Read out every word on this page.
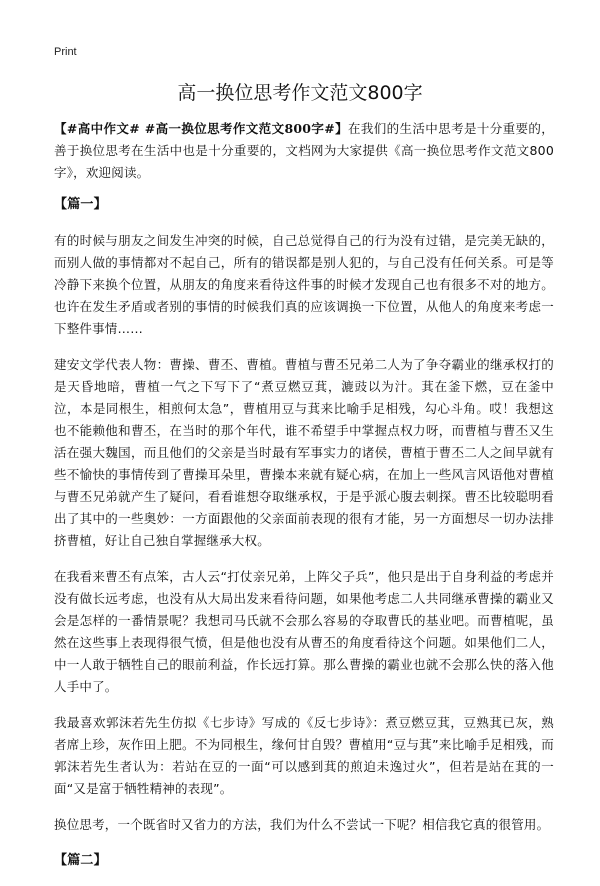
Print
高一换位思考作文范文800字

【#高中作文# #高一换位思考作文范文800字#】在我们的生活中思考是十分重要的，善于换位思考在生活中也是十分重要的，文档网为大家提供《高一换位思考作文范文800字》，欢迎阅读。

【篇一】

有的时候与朋友之间发生冲突的时候，自己总觉得自己的行为没有过错，是完美无缺的，而别人做的事情都对不起自己，所有的错误都是别人犯的，与自己没有任何关系。可是等冷静下来换个位置，从朋友的角度来看待这件事的时候才发现自己也有很多不对的地方。也许在发生矛盾或者别的事情的时候我们真的应该调换一下位置，从他人的角度来考虑一下整件事情……

建安文学代表人物：曹操、曹丕、曹植。曹植与曹丕兄弟二人为了争夺霸业的继承权打的是天昏地暗，曹植一气之下写下了“煮豆燃豆萁，漉豉以为汁。萁在釜下燃，豆在釜中泣，本是同根生，相煎何太急”，曹植用豆与萁来比喻手足相残，勾心斗角。哎！我想这也不能赖他和曹丕，在当时的那个年代，谁不希望手中掌握点权力呀，而曹植与曹丕又生活在强大魏国，而且他们的父亲是当时最有军事实力的诸侯，曹植于曹丕二人之间早就有些不愉快的事情传到了曹操耳朵里，曹操本来就有疑心病，在加上一些风言风语他对曹植与曹丕兄弟就产生了疑问，看看谁想夺取继承权，于是乎派心腹去刺探。曹丕比较聪明看出了其中的一些奥妙：一方面跟他的父亲面前表现的很有才能，另一方面想尽一切办法排挤曹植，好让自己独自掌握继承大权。

在我看来曹丕有点笨，古人云“打仗亲兄弟，上阵父子兵”，他只是出于自身利益的考虑并没有做长远考虑，也没有从大局出发来看待问题，如果他考虑二人共同继承曹操的霸业又会是怎样的一番情景呢？我想司马氏就不会那么容易的夺取曹氏的基业吧。而曹植呢，虽然在这些事上表现得很气愤，但是他也没有从曹丕的角度看待这个问题。如果他们二人，中一人敢于牺牲自己的眼前利益，作长远打算。那么曹操的霸业也就不会那么快的落入他人手中了。

我最喜欢郭沫若先生仿拟《七步诗》写成的《反七步诗》：煮豆燃豆萁，豆熟萁已灰，熟者席上珍，灰作田上肥。不为同根生，缘何甘自毁？曹植用“豆与萁”来比喻手足相残，而郭沫若先生者认为：若站在豆的一面“可以感到萁的煎迫未逸过火”，但若是站在萁的一面“又是富于牺牲精神的表现”。

换位思考，一个既省时又省力的方法，我们为什么不尝试一下呢？相信我它真的很管用。

【篇二】
